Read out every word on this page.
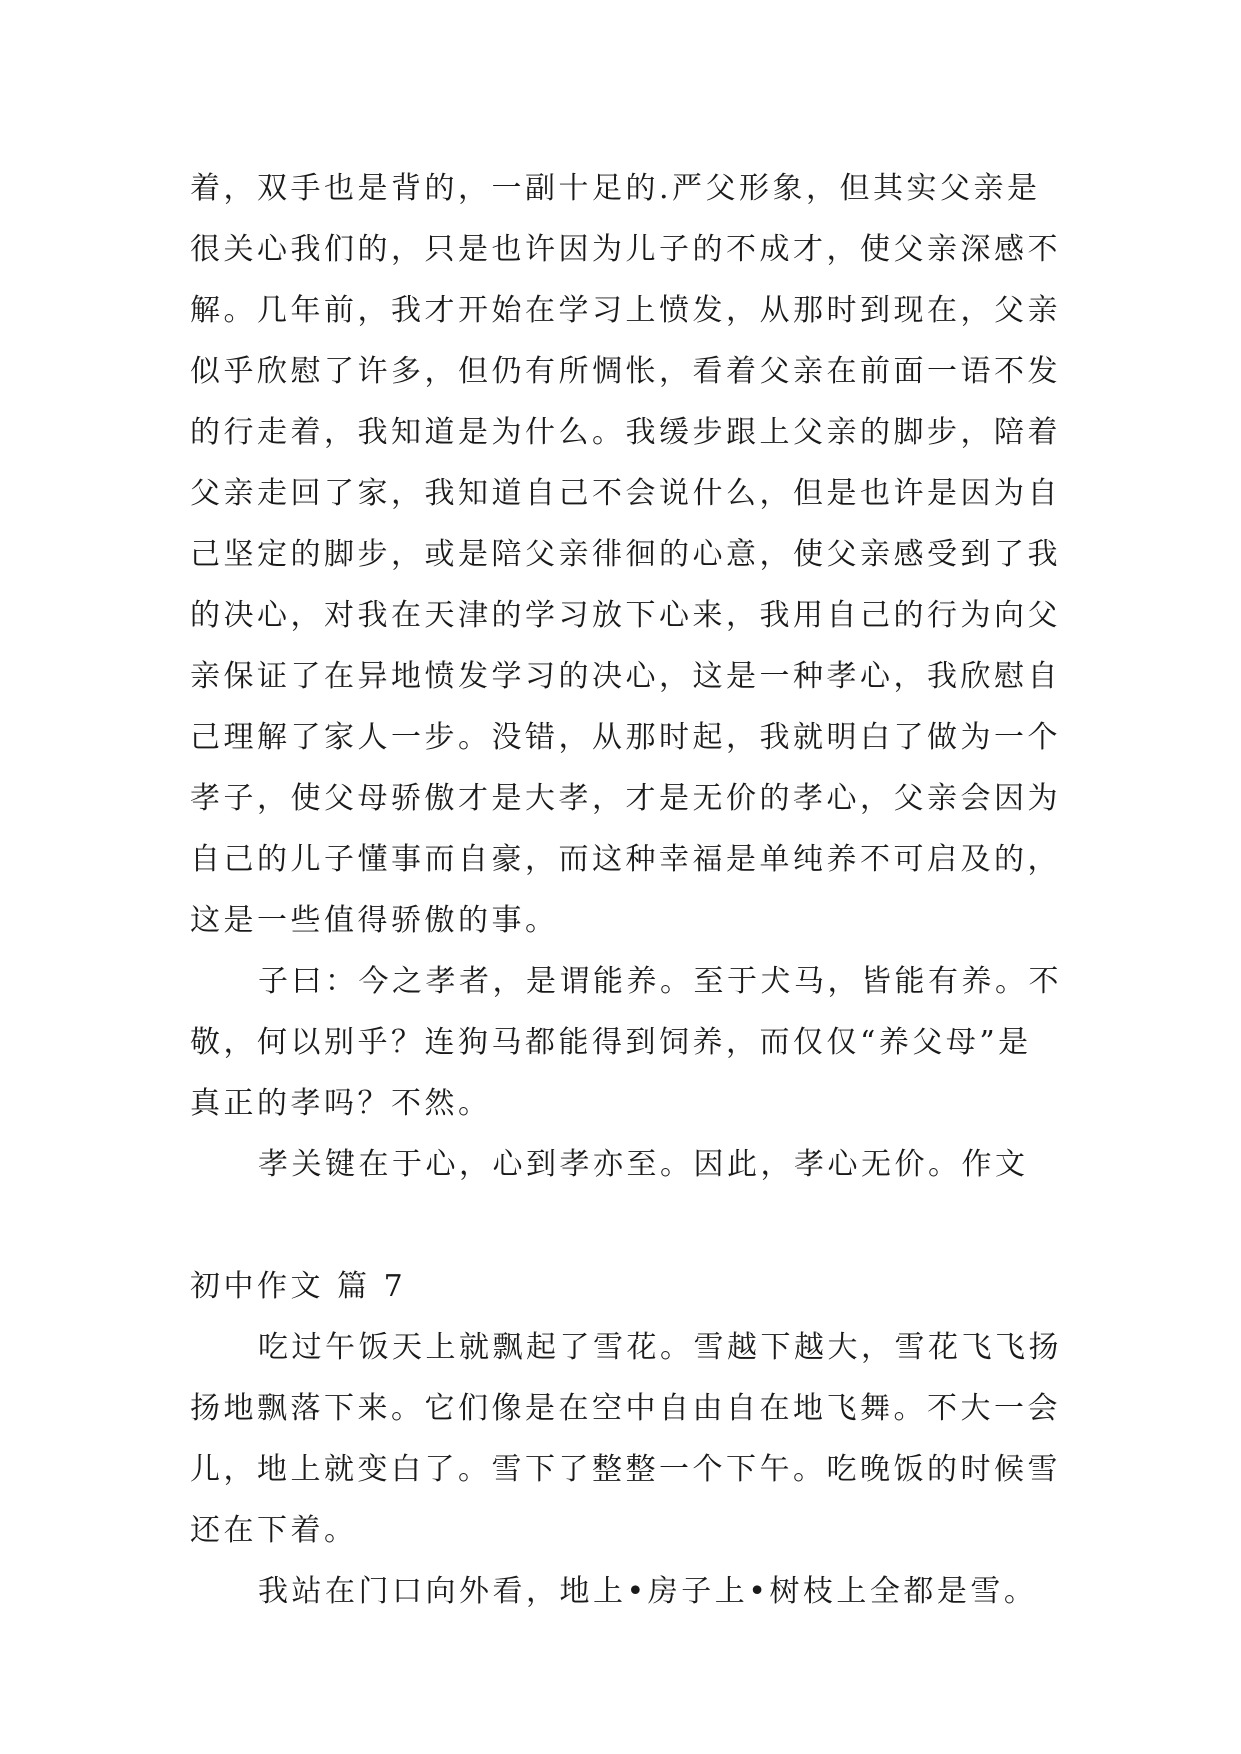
着，双手也是背的，一副十足的.严父形象，但其实父亲是
很关心我们的，只是也许因为儿子的不成才，使父亲深感不
解。几年前，我才开始在学习上愤发，从那时到现在，父亲
似乎欣慰了许多，但仍有所惆怅，看着父亲在前面一语不发
的行走着，我知道是为什么。我缓步跟上父亲的脚步，陪着
父亲走回了家，我知道自己不会说什么，但是也许是因为自
己坚定的脚步，或是陪父亲徘徊的心意，使父亲感受到了我
的决心，对我在天津的学习放下心来，我用自己的行为向父
亲保证了在异地愤发学习的决心，这是一种孝心，我欣慰自
己理解了家人一步。没错，从那时起，我就明白了做为一个
孝子，使父母骄傲才是大孝，才是无价的孝心，父亲会因为
自己的儿子懂事而自豪，而这种幸福是单纯养不可启及的，
这是一些值得骄傲的事。
子曰：今之孝者，是谓能养。至于犬马，皆能有养。不
敬，何以别乎？连狗马都能得到饲养，而仅仅“养父母”是
真正的孝吗？不然。
孝关键在于心，心到孝亦至。因此，孝心无价。作文
初中作文 篇 7
吃过午饭天上就飘起了雪花。雪越下越大，雪花飞飞扬
扬地飘落下来。它们像是在空中自由自在地飞舞。不大一会
儿，地上就变白了。雪下了整整一个下午。吃晚饭的时候雪
还在下着。
我站在门口向外看，地上•房子上•树枝上全都是雪。
